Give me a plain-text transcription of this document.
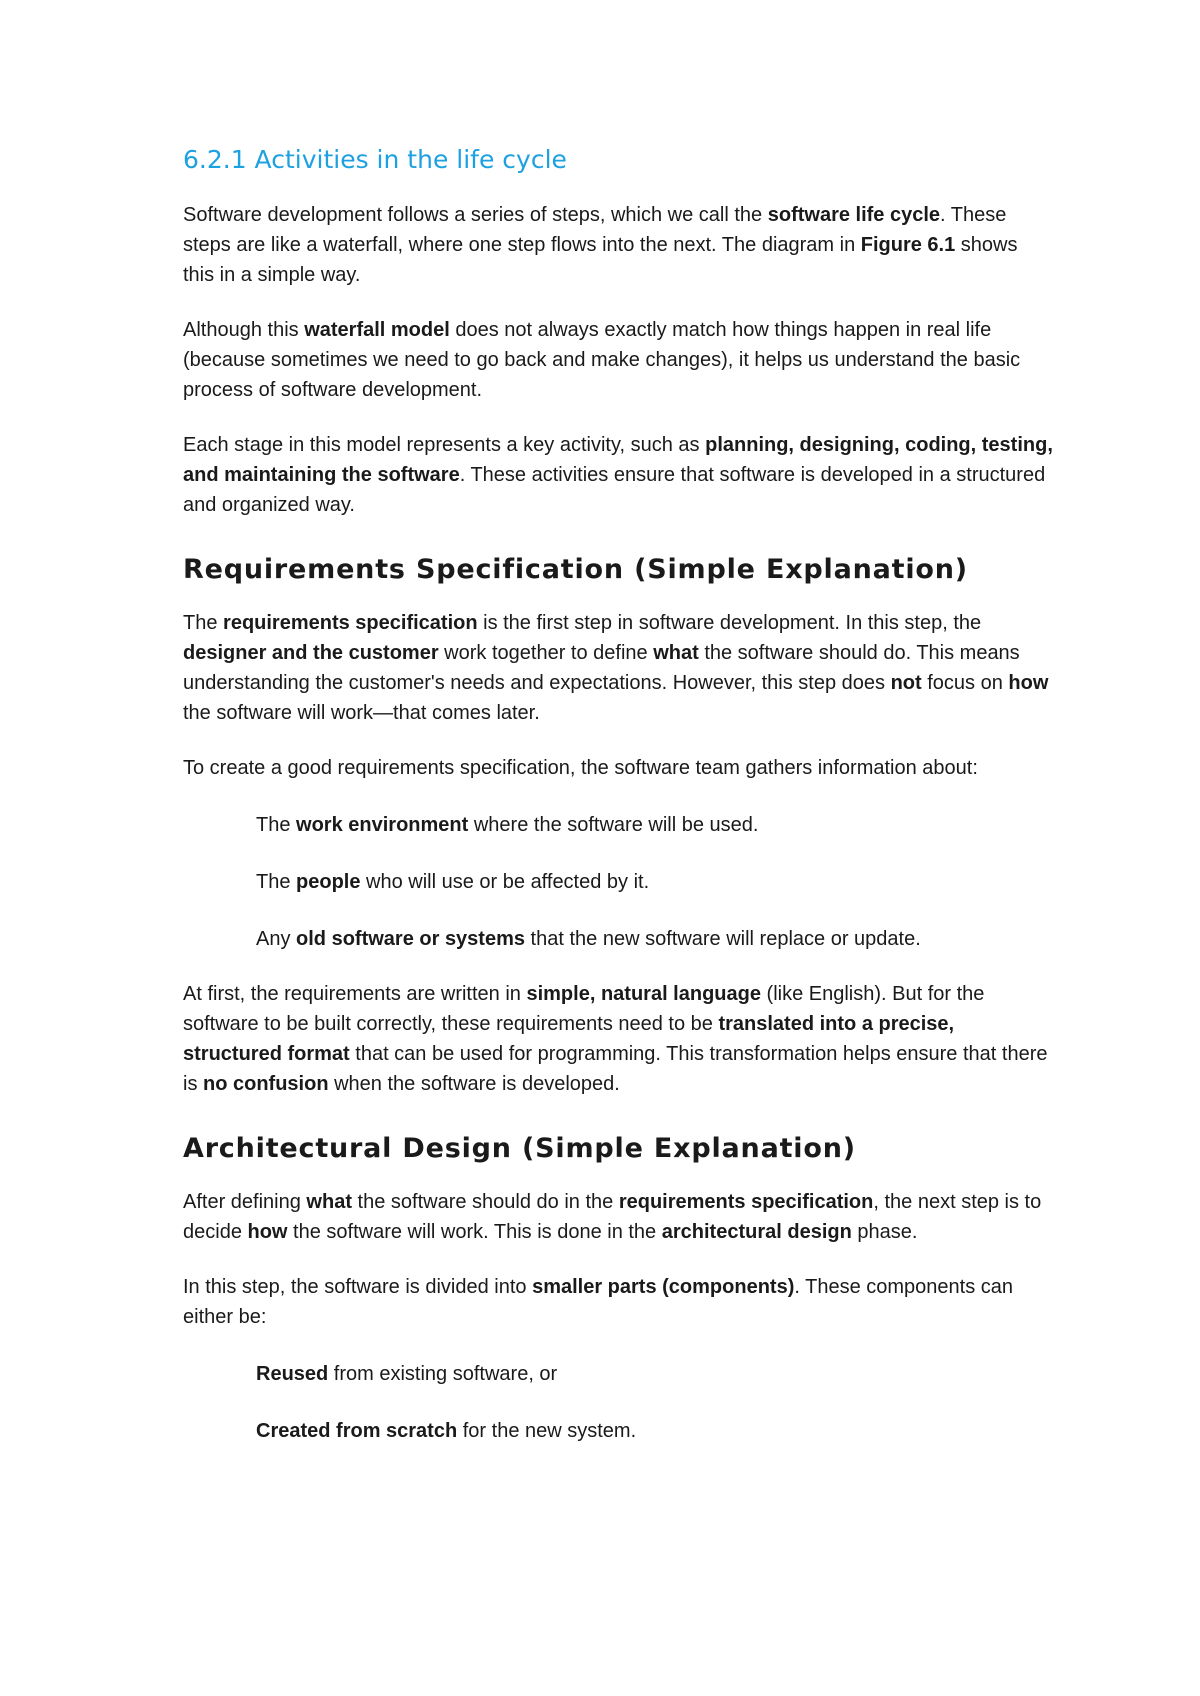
6.2.1 Activities in the life cycle

Software development follows a series of steps, which we call the software life cycle. These steps are like a waterfall, where one step flows into the next. The diagram in Figure 6.1 shows this in a simple way.

Although this waterfall model does not always exactly match how things happen in real life (because sometimes we need to go back and make changes), it helps us understand the basic process of software development.

Each stage in this model represents a key activity, such as planning, designing, coding, testing, and maintaining the software. These activities ensure that software is developed in a structured and organized way.

Requirements Specification (Simple Explanation)

The requirements specification is the first step in software development. In this step, the designer and the customer work together to define what the software should do. This means understanding the customer's needs and expectations. However, this step does not focus on how the software will work—that comes later.

To create a good requirements specification, the software team gathers information about:

The work environment where the software will be used.
The people who will use or be affected by it.
Any old software or systems that the new software will replace or update.

At first, the requirements are written in simple, natural language (like English). But for the software to be built correctly, these requirements need to be translated into a precise, structured format that can be used for programming. This transformation helps ensure that there is no confusion when the software is developed.

Architectural Design (Simple Explanation)

After defining what the software should do in the requirements specification, the next step is to decide how the software will work. This is done in the architectural design phase.

In this step, the software is divided into smaller parts (components). These components can either be:

Reused from existing software, or
Created from scratch for the new system.
